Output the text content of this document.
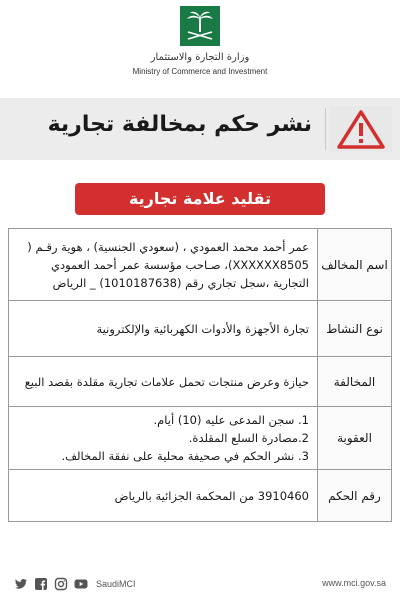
وزارة التجارة والاستثمار
Ministry of Commerce and Investment
نشر حكم بمخالفة تجارية
تقليد علامة تجارية
اسم المخالف	عمر أحمد محمد العمودي ، (سعودي الجنسية) ، هوية رقـم ( XXXXXX8505)، صـاحب مؤسسة عمر أحمد العمودي التجارية ،سجل تجاري رقم (1010187638) _ الرياض
نوع النشاط	تجارة الأجهزة والأدوات الكهربائية والإلكترونية
المخالفة	حيازة وعرض منتجات تحمل علامات تجارية مقلدة بقصد البيع
العقوبة	1. سجن المدعى عليه (10) أيام.
2.مصادرة السلع المقلدة.
3. نشر الحكم في صحيفة محلية على نفقة المخالف.

رقم الحكم	3910460 من المحكمة الجزائية بالرياض
SaudiMCI	www.mci.gov.sa
